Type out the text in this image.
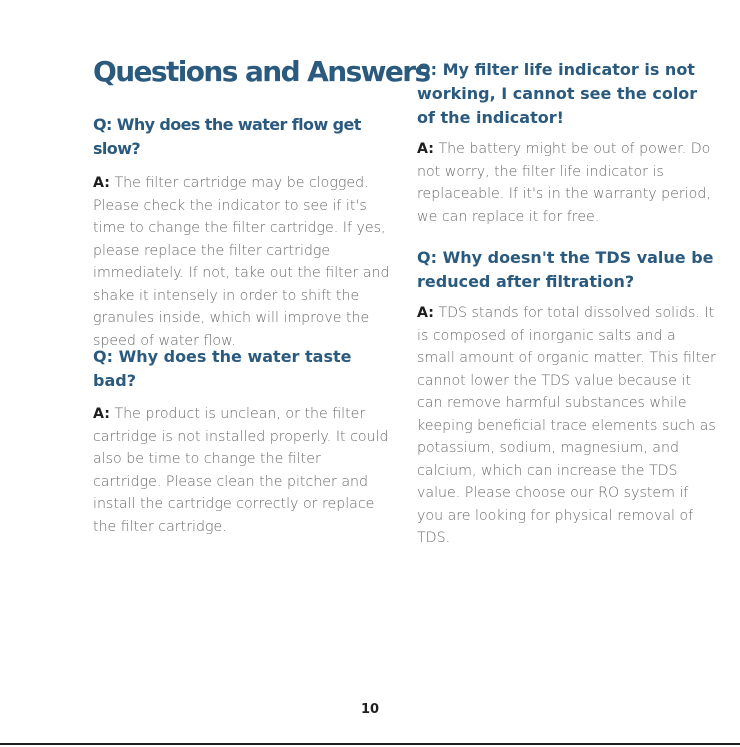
Questions and Answers

Q: Why does the water flow get slow?

A: The filter cartridge may be clogged. Please check the indicator to see if it's time to change the filter cartridge. If yes, please replace the filter cartridge immediately. If not, take out the filter and shake it intensely in order to shift the granules inside, which will improve the speed of water flow.

Q: Why does the water taste bad?

A: The product is unclean, or the filter cartridge is not installed properly. It could also be time to change the filter cartridge. Please clean the pitcher and install the cartridge correctly or replace the filter cartridge.

Q: My filter life indicator is not working, I cannot see the color of the indicator!

A: The battery might be out of power. Do not worry, the filter life indicator is replaceable. If it's in the warranty period, we can replace it for free.

Q: Why doesn't the TDS value be reduced after filtration?

A: TDS stands for total dissolved solids. It is composed of inorganic salts and a small amount of organic matter. This filter cannot lower the TDS value because it can remove harmful substances while keeping beneficial trace elements such as potassium, sodium, magnesium, and calcium, which can increase the TDS value. Please choose our RO system if you are looking for physical removal of TDS.

10
